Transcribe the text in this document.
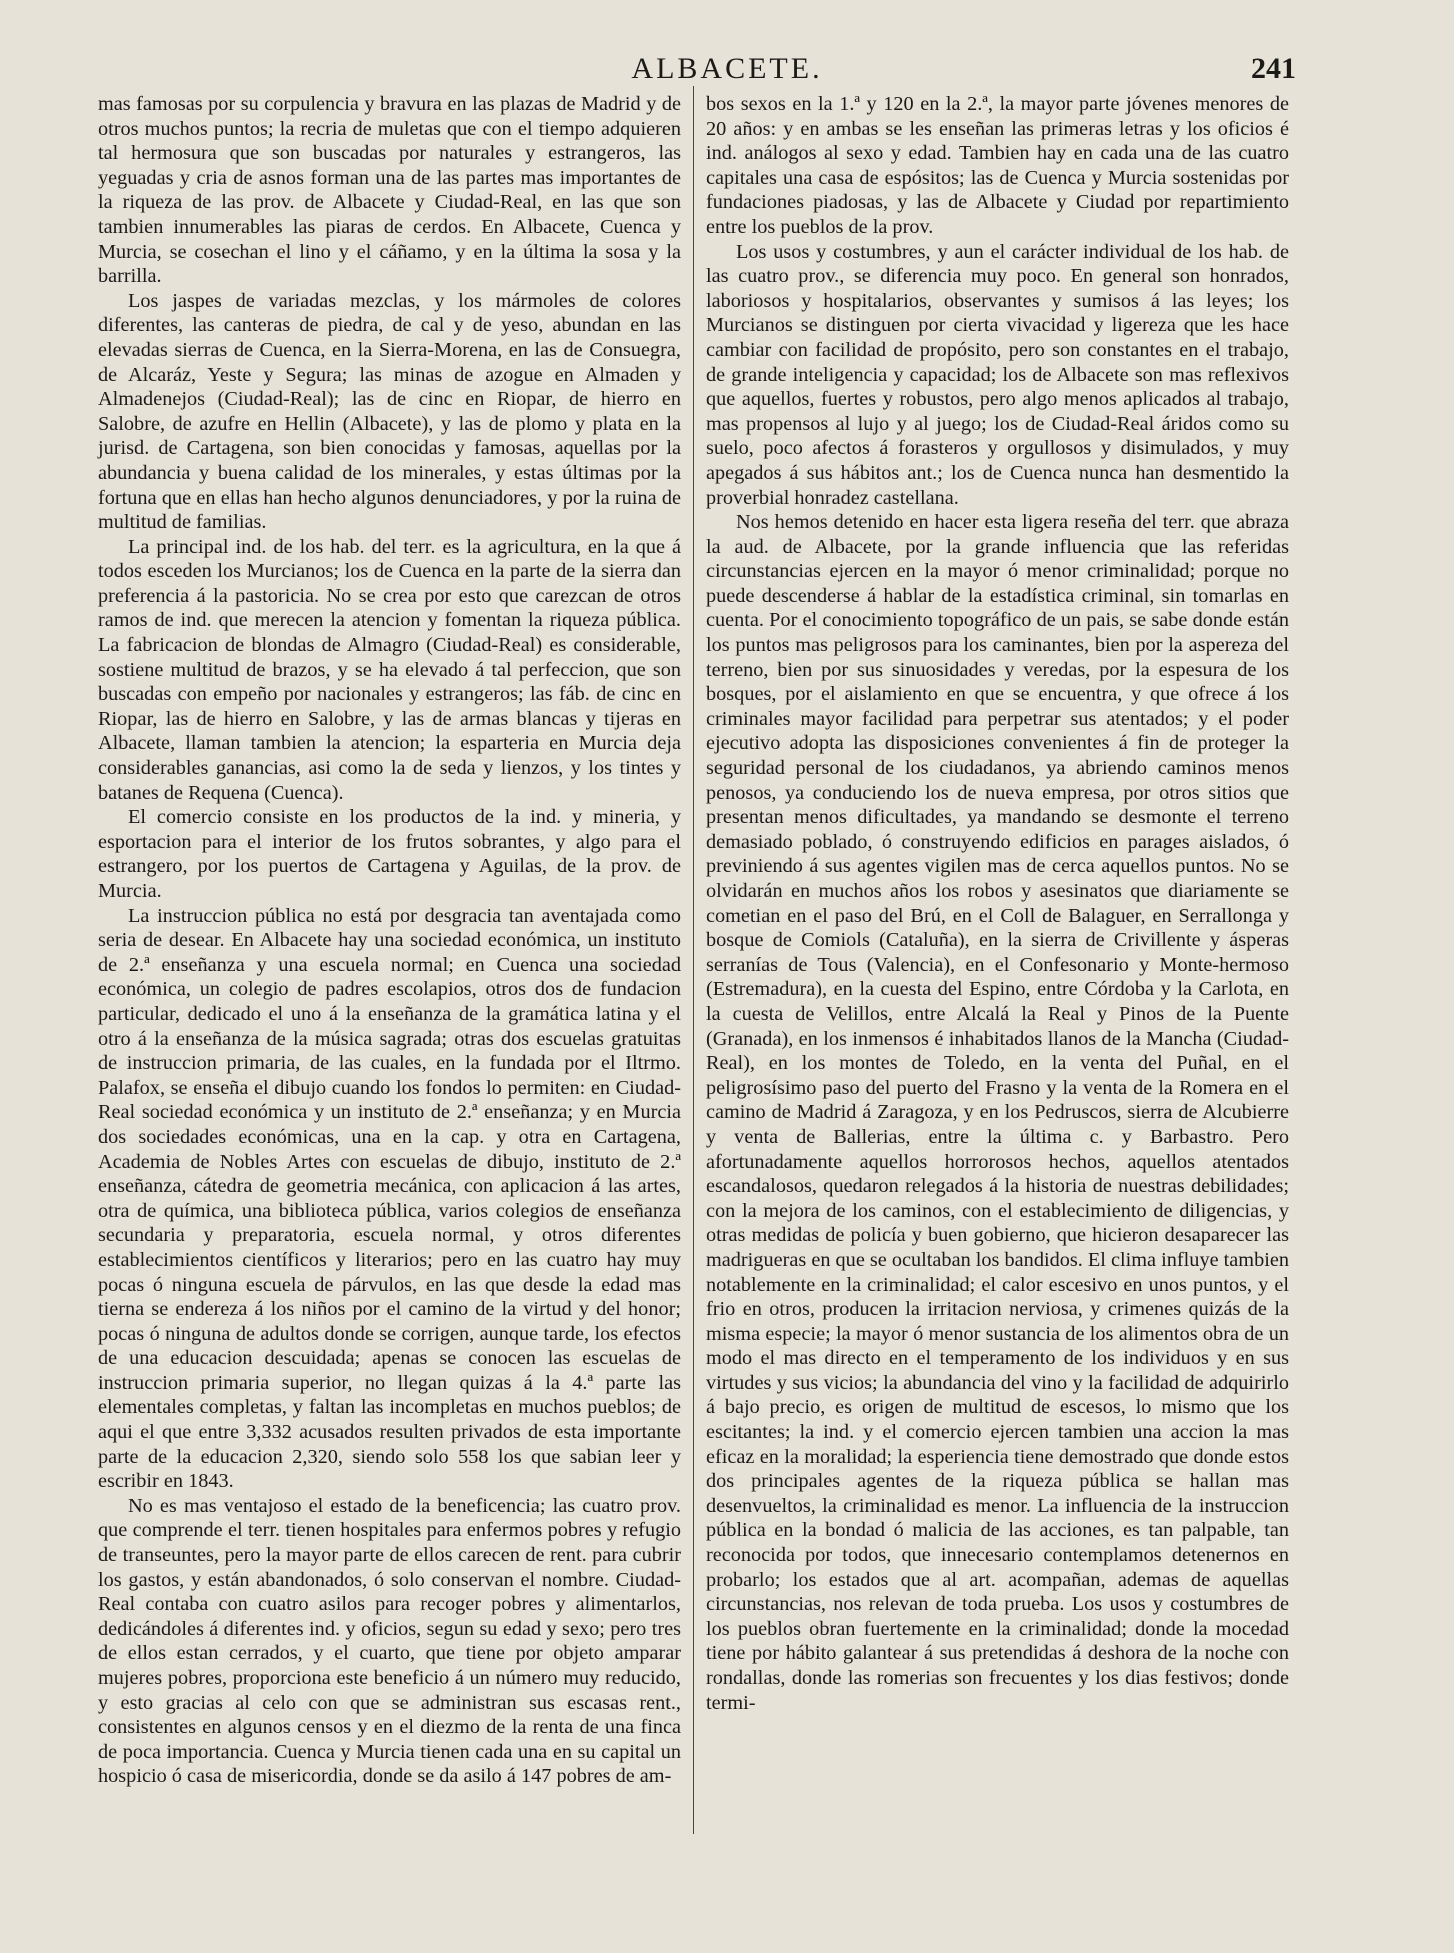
ALBACETE.	241

mas famosas por su corpulencia y bravura en las plazas de Madrid y de otros muchos puntos; la recria de muletas que con el tiempo adquieren tal hermosura que son buscadas por naturales y estrangeros, las yeguadas y cria de asnos forman una de las partes mas importantes de la riqueza de las prov. de Albacete y Ciudad-Real, en las que son tambien innumerables las piaras de cerdos. En Albacete, Cuenca y Murcia, se cosechan el lino y el cáñamo, y en la última la sosa y la barrilla.

Los jaspes de variadas mezclas, y los mármoles de colores diferentes, las canteras de piedra, de cal y de yeso, abundan en las elevadas sierras de Cuenca, en la Sierra-Morena, en las de Consuegra, de Alcaráz, Yeste y Segura; las minas de azogue en Almaden y Almadenejos (Ciudad-Real); las de cinc en Riopar, de hierro en Salobre, de azufre en Hellin (Albacete), y las de plomo y plata en la jurisd. de Cartagena, son bien conocidas y famosas, aquellas por la abundancia y buena calidad de los minerales, y estas últimas por la fortuna que en ellas han hecho algunos denunciadores, y por la ruina de multitud de familias.

La principal ind. de los hab. del terr. es la agricultura, en la que á todos esceden los Murcianos; los de Cuenca en la parte de la sierra dan preferencia á la pastoricia. No se crea por esto que carezcan de otros ramos de ind. que merecen la atencion y fomentan la riqueza pública. La fabricacion de blondas de Almagro (Ciudad-Real) es considerable, sostiene multitud de brazos, y se ha elevado á tal perfeccion, que son buscadas con empeño por nacionales y estrangeros; las fáb. de cinc en Riopar, las de hierro en Salobre, y las de armas blancas y tijeras en Albacete, llaman tambien la atencion; la esparteria en Murcia deja considerables ganancias, asi como la de seda y lienzos, y los tintes y batanes de Requena (Cuenca).

El comercio consiste en los productos de la ind. y mineria, y esportacion para el interior de los frutos sobrantes, y algo para el estrangero, por los puertos de Cartagena y Aguilas, de la prov. de Murcia.

La instruccion pública no está por desgracia tan aventajada como seria de desear. En Albacete hay una sociedad económica, un instituto de 2.ª enseñanza y una escuela normal; en Cuenca una sociedad económica, un colegio de padres escolapios, otros dos de fundacion particular, dedicado el uno á la enseñanza de la gramática latina y el otro á la enseñanza de la música sagrada; otras dos escuelas gratuitas de instruccion primaria, de las cuales, en la fundada por el Iltrmo. Palafox, se enseña el dibujo cuando los fondos lo permiten: en Ciudad-Real sociedad económica y un instituto de 2.ª enseñanza; y en Murcia dos sociedades económicas, una en la cap. y otra en Cartagena, Academia de Nobles Artes con escuelas de dibujo, instituto de 2.ª enseñanza, cátedra de geometria mecánica, con aplicacion á las artes, otra de química, una biblioteca pública, varios colegios de enseñanza secundaria y preparatoria, escuela normal, y otros diferentes establecimientos científicos y literarios; pero en las cuatro hay muy pocas ó ninguna escuela de párvulos, en las que desde la edad mas tierna se endereza á los niños por el camino de la virtud y del honor; pocas ó ninguna de adultos donde se corrigen, aunque tarde, los efectos de una educacion descuidada; apenas se conocen las escuelas de instruccion primaria superior, no llegan quizas á la 4.ª parte las elementales completas, y faltan las incompletas en muchos pueblos; de aqui el que entre 3,332 acusados resulten privados de esta importante parte de la educacion 2,320, siendo solo 558 los que sabian leer y escribir en 1843.

No es mas ventajoso el estado de la beneficencia; las cuatro prov. que comprende el terr. tienen hospitales para enfermos pobres y refugio de transeuntes, pero la mayor parte de ellos carecen de rent. para cubrir los gastos, y están abandonados, ó solo conservan el nombre. Ciudad-Real contaba con cuatro asilos para recoger pobres y alimentarlos, dedicándoles á diferentes ind. y oficios, segun su edad y sexo; pero tres de ellos estan cerrados, y el cuarto, que tiene por objeto amparar mujeres pobres, proporciona este beneficio á un número muy reducido, y esto gracias al celo con que se administran sus escasas rent., consistentes en algunos censos y en el diezmo de la renta de una finca de poca importancia. Cuenca y Murcia tienen cada una en su capital un hospicio ó casa de misericordia, donde se da asilo á 147 pobres de am-

bos sexos en la 1.ª y 120 en la 2.ª, la mayor parte jóvenes menores de 20 años: y en ambas se les enseñan las primeras letras y los oficios é ind. análogos al sexo y edad. Tambien hay en cada una de las cuatro capitales una casa de espósitos; las de Cuenca y Murcia sostenidas por fundaciones piadosas, y las de Albacete y Ciudad por repartimiento entre los pueblos de la prov.

Los usos y costumbres, y aun el carácter individual de los hab. de las cuatro prov., se diferencia muy poco. En general son honrados, laboriosos y hospitalarios, observantes y sumisos á las leyes; los Murcianos se distinguen por cierta vivacidad y ligereza que les hace cambiar con facilidad de propósito, pero son constantes en el trabajo, de grande inteligencia y capacidad; los de Albacete son mas reflexivos que aquellos, fuertes y robustos, pero algo menos aplicados al trabajo, mas propensos al lujo y al juego; los de Ciudad-Real áridos como su suelo, poco afectos á forasteros y orgullosos y disimulados, y muy apegados á sus hábitos ant.; los de Cuenca nunca han desmentido la proverbial honradez castellana.

Nos hemos detenido en hacer esta ligera reseña del terr. que abraza la aud. de Albacete, por la grande influencia que las referidas circunstancias ejercen en la mayor ó menor criminalidad; porque no puede descenderse á hablar de la estadística criminal, sin tomarlas en cuenta. Por el conocimiento topográfico de un pais, se sabe donde están los puntos mas peligrosos para los caminantes, bien por la aspereza del terreno, bien por sus sinuosidades y veredas, por la espesura de los bosques, por el aislamiento en que se encuentra, y que ofrece á los criminales mayor facilidad para perpetrar sus atentados; y el poder ejecutivo adopta las disposiciones convenientes á fin de proteger la seguridad personal de los ciudadanos, ya abriendo caminos menos penosos, ya conduciendo los de nueva empresa, por otros sitios que presentan menos dificultades, ya mandando se desmonte el terreno demasiado poblado, ó construyendo edificios en parages aislados, ó previniendo á sus agentes vigilen mas de cerca aquellos puntos. No se olvidarán en muchos años los robos y asesinatos que diariamente se cometian en el paso del Brú, en el Coll de Balaguer, en Serrallonga y bosque de Comiols (Cataluña), en la sierra de Crivillente y ásperas serranías de Tous (Valencia), en el Confesonario y Monte-hermoso (Estremadura), en la cuesta del Espino, entre Córdoba y la Carlota, en la cuesta de Velillos, entre Alcalá la Real y Pinos de la Puente (Granada), en los inmensos é inhabitados llanos de la Mancha (Ciudad-Real), en los montes de Toledo, en la venta del Puñal, en el peligrosísimo paso del puerto del Frasno y la venta de la Romera en el camino de Madrid á Zaragoza, y en los Pedruscos, sierra de Alcubierre y venta de Ballerias, entre la última c. y Barbastro. Pero afortunadamente aquellos horrorosos hechos, aquellos atentados escandalosos, quedaron relegados á la historia de nuestras debilidades; con la mejora de los caminos, con el establecimiento de diligencias, y otras medidas de policía y buen gobierno, que hicieron desaparecer las madrigueras en que se ocultaban los bandidos. El clima influye tambien notablemente en la criminalidad; el calor escesivo en unos puntos, y el frio en otros, producen la irritacion nerviosa, y crimenes quizás de la misma especie; la mayor ó menor sustancia de los alimentos obra de un modo el mas directo en el temperamento de los individuos y en sus virtudes y sus vicios; la abundancia del vino y la facilidad de adquirirlo á bajo precio, es origen de multitud de escesos, lo mismo que los escitantes; la ind. y el comercio ejercen tambien una accion la mas eficaz en la moralidad; la esperiencia tiene demostrado que donde estos dos principales agentes de la riqueza pública se hallan mas desenvueltos, la criminalidad es menor. La influencia de la instruccion pública en la bondad ó malicia de las acciones, es tan palpable, tan reconocida por todos, que innecesario contemplamos detenernos en probarlo; los estados que al art. acompañan, ademas de aquellas circunstancias, nos relevan de toda prueba. Los usos y costumbres de los pueblos obran fuertemente en la criminalidad; donde la mocedad tiene por hábito galantear á sus pretendidas á deshora de la noche con rondallas, donde las romerias son frecuentes y los dias festivos; donde termi-
